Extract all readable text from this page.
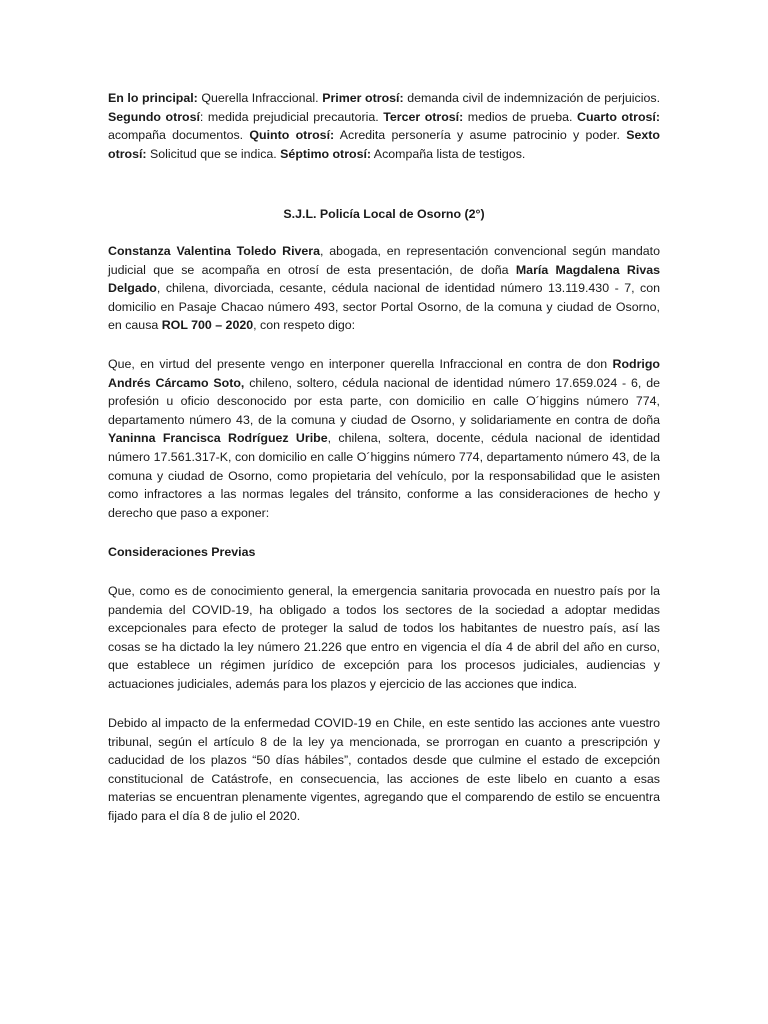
En lo principal: Querella Infraccional. Primer otrosí: demanda civil de indemnización de perjuicios. Segundo otrosí: medida prejudicial precautoria. Tercer otrosí: medios de prueba. Cuarto otrosí: acompaña documentos. Quinto otrosí: Acredita personería y asume patrocinio y poder. Sexto otrosí: Solicitud que se indica. Séptimo otrosí: Acompaña lista de testigos.

S.J.L. Policía Local de Osorno (2°)

Constanza Valentina Toledo Rivera, abogada, en representación convencional según mandato judicial que se acompaña en otrosí de esta presentación, de doña María Magdalena Rivas Delgado, chilena, divorciada, cesante, cédula nacional de identidad número 13.119.430 - 7, con domicilio en Pasaje Chacao número 493, sector Portal Osorno, de la comuna y ciudad de Osorno, en causa ROL 700 – 2020, con respeto digo:

Que, en virtud del presente vengo en interponer querella Infraccional en contra de don Rodrigo Andrés Cárcamo Soto, chileno, soltero, cédula nacional de identidad número 17.659.024 - 6, de profesión u oficio desconocido por esta parte, con domicilio en calle O´higgins número 774, departamento número 43, de la comuna y ciudad de Osorno, y solidariamente en contra de doña Yaninna Francisca Rodríguez Uribe, chilena, soltera, docente, cédula nacional de identidad número 17.561.317-K, con domicilio en calle O´higgins número 774, departamento número 43, de la comuna y ciudad de Osorno, como propietaria del vehículo, por la responsabilidad que le asisten como infractores a las normas legales del tránsito, conforme a las consideraciones de hecho y derecho que paso a exponer:

Consideraciones Previas

Que, como es de conocimiento general, la emergencia sanitaria provocada en nuestro país por la pandemia del COVID-19, ha obligado a todos los sectores de la sociedad a adoptar medidas excepcionales para efecto de proteger la salud de todos los habitantes de nuestro país, así las cosas se ha dictado la ley número 21.226 que entro en vigencia el día 4 de abril del año en curso, que establece un régimen jurídico de excepción para los procesos judiciales, audiencias y actuaciones judiciales, además para los plazos y ejercicio de las acciones que indica.

Debido al impacto de la enfermedad COVID-19 en Chile, en este sentido las acciones ante vuestro tribunal, según el artículo 8 de la ley ya mencionada, se prorrogan en cuanto a prescripción y caducidad de los plazos “50 días hábiles”, contados desde que culmine el estado de excepción constitucional de Catástrofe, en consecuencia, las acciones de este libelo en cuanto a esas materias se encuentran plenamente vigentes, agregando que el comparendo de estilo se encuentra fijado para el día 8 de julio el 2020.
